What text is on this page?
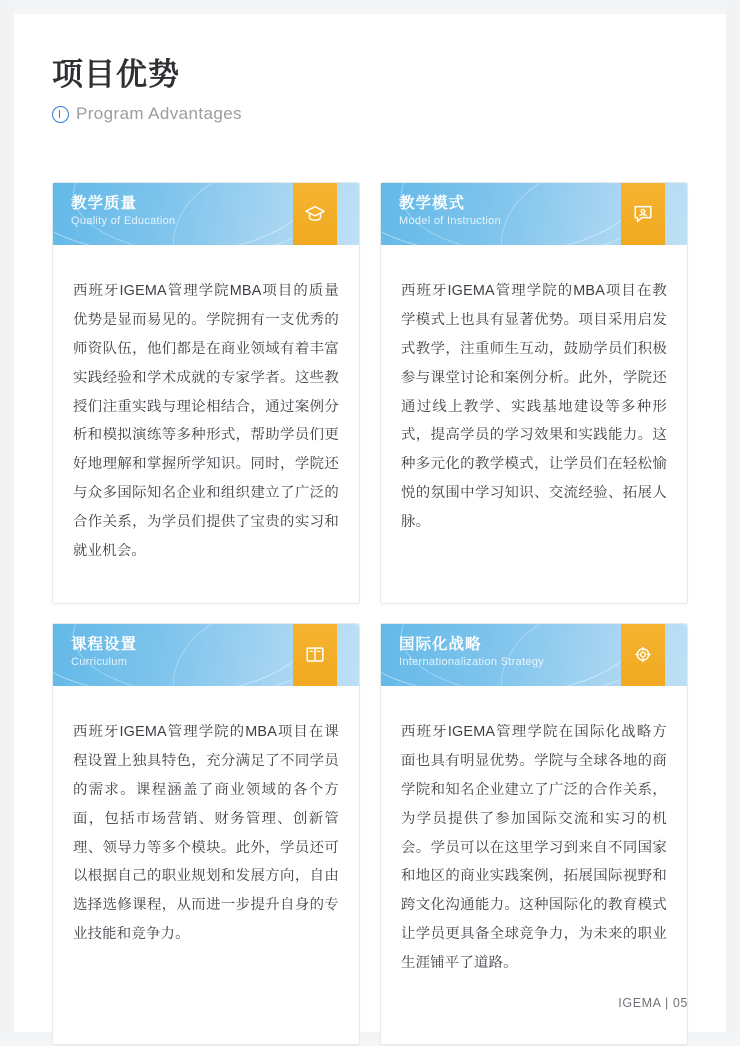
项目优势
Program Advantages
教学质量
Quality of Education

西班牙IGEMA管理学院MBA项目的质量优势是显而易见的。学院拥有一支优秀的师资队伍，他们都是在商业领域有着丰富实践经验和学术成就的专家学者。这些教授们注重实践与理论相结合，通过案例分析和模拟演练等多种形式，帮助学员们更好地理解和掌握所学知识。同时，学院还与众多国际知名企业和组织建立了广泛的合作关系，为学员们提供了宝贵的实习和就业机会。

教学模式
Model of Instruction

西班牙IGEMA管理学院的MBA项目在教学模式上也具有显著优势。项目采用启发式教学，注重师生互动，鼓励学员们积极参与课堂讨论和案例分析。此外，学院还通过线上教学、实践基地建设等多种形式，提高学员的学习效果和实践能力。这种多元化的教学模式，让学员们在轻松愉悦的氛围中学习知识、交流经验、拓展人脉。

课程设置
Curriculum

西班牙IGEMA管理学院的MBA项目在课程设置上独具特色，充分满足了不同学员的需求。课程涵盖了商业领域的各个方面，包括市场营销、财务管理、创新管理、领导力等多个模块。此外，学员还可以根据自己的职业规划和发展方向，自由选择选修课程，从而进一步提升自身的专业技能和竞争力。

国际化战略
Internationalization Strategy

西班牙IGEMA管理学院在国际化战略方面也具有明显优势。学院与全球各地的商学院和知名企业建立了广泛的合作关系，为学员提供了参加国际交流和实习的机会。学员可以在这里学习到来自不同国家和地区的商业实践案例，拓展国际视野和跨文化沟通能力。这种国际化的教育模式让学员更具备全球竞争力，为未来的职业生涯铺平了道路。

IGEMA | 05
